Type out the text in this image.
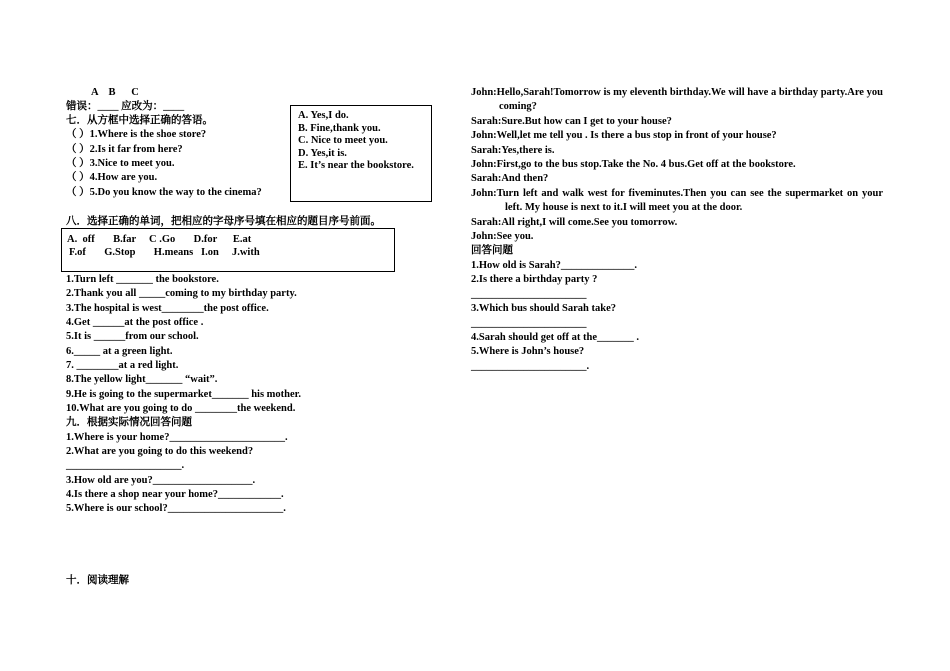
A    B      C
错误：____ 应改为：____
七．从方框中选择正确的答语。
（ ）1.Where is the shoe store?
（ ）2.Is it far from here?
（ ）3.Nice to meet you.
（ ）4.How are you.
（ ）5.Do you know the way to the cinema?
A. Yes,I do.
B. Fine,thank you.
C. Nice to meet you.
D. Yes,it is.
E. It’s near the bookstore.
八．选择正确的单词，把相应的字母序号填在相应的题目序号前面。
A.  off       B.far     C .Go       D.for      E.at
F.of       G.Stop       H.means   I.on     J.with
1.Turn left _______ the bookstore.
2.Thank you all _____coming to my birthday party.
3.The hospital is west________the post office.
4.Get ______at the post office .
5.It is ______from our school.
6._____ at a green light.
7. ________at a red light.
8.The yellow light_______ “wait”.
9.He is going to the supermarket_______ his mother.
10.What are you going to do ________the weekend.
九．根据实际情况回答问题
1.Where is your home?______________________.
2.What are you going to do this weekend?
______________________.
3.How old are you?___________________.
4.Is there a shop near your home?____________.
5.Where is our school?______________________.
十．阅读理解
John:Hello,Sarah!Tomorrow is my eleventh birthday.We will have a birthday party.Are you coming?
Sarah:Sure.But how can I get to your house?
John:Well,let me tell you . Is there a bus stop in front of your house?
Sarah:Yes,there is.
John:First,go to the bus stop.Take the No. 4 bus.Get off at the bookstore.
Sarah:And then?
John:Turn left and walk west for fiveminutes.Then you can see the supermarket on your left. My house is next to it.I will meet you at the door.
Sarah:All right,I will come.See you tomorrow.
John:See you.
回答问题
1.How old is Sarah?______________.
2.Is there a birthday party ?
______________________
3.Which bus should Sarah take?
______________________
4.Sarah should get off at the_______ .
5.Where is John’s house?
______________________.
